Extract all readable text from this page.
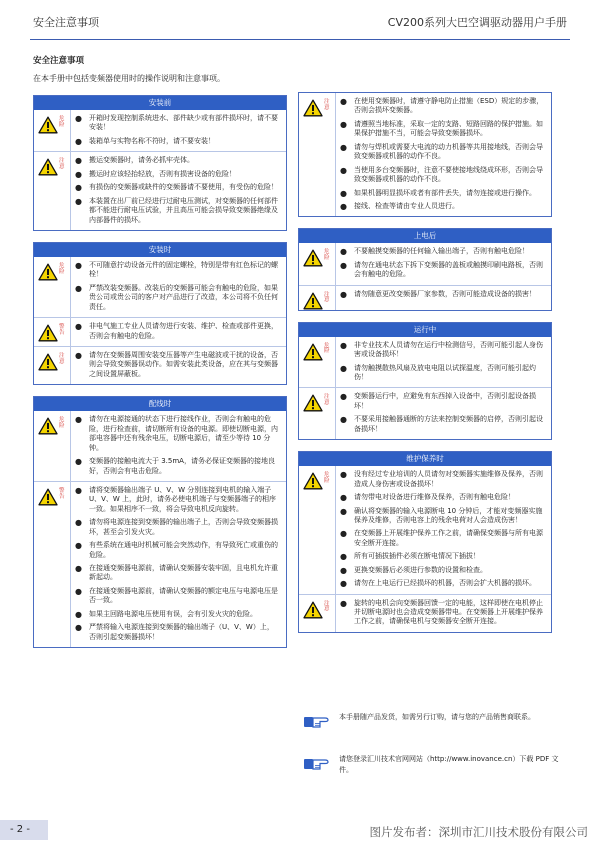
安全注意事项	CV200系列大巴空调驱动器用户手册
安全注意事项
在本手册中包括变频器使用时的操作说明和注意事项。
安装前
危险
●	开箱时发现控制系统进水、部件缺少或有部件损坏时，请不要安装！
●	装箱单与实物名称不符时，请不要安装！
注意
●	搬运变频器时，请务必抓牢壳体。
●	搬运时应该轻抬轻放，否则有损害设备的危险！
●	有损伤的变频器或缺件的变频器请不要使用，有受伤的危险！
●	本装置在出厂前已经进行过耐电压测试，对变频器的任何部件都不能进行耐电压试验，并且高压可能会损导致变频器绝缘及内部器件的损坏。
安装时
危险
●	不可随意拧动设备元件的固定螺栓，特别是带有红色标记的螺栓！
●	严禁改装变频器。改装后的变频器可能会有触电的危险，如果贵公司或贵公司的客户对产品进行了改造，本公司将不负任何责任。
警告
●	非电气施工专业人员请勿进行安装、维护、检查或部件更换，否则会有触电的危险。
注意
●	请勿在变频器周围安装变压器等产生电磁波或干扰的设备，否则会导致变频器误动作。如需安装此类设备，应在其与变频器之间设置屏蔽板。
配线时
危险
●	请勿在电源接通的状态下进行接线作业，否则会有触电的危险，进行检查前，请切断所有设备的电源。即使切断电源，内部电容器中还有残余电压，切断电源后，请至少等待 10 分钟。
●	变频器的接触电流大于 3.5mA，请务必保证变频器的接地良好，否则会有电击危险。
警告
●	请将变频器输出端子 U、V、W 分别连接到电机的输入端子 U、V、W 上，此时，请务必使电机端子与变频器端子的相序一致。如果相序不一致，将会导致电机反向旋转。
●	请勿将电源连接到变频器的输出端子上，否则会导致变频器损坏，甚至会引发火灾。
●	有些系统在通电时机械可能会突然动作，有导致死亡或重伤的危险。
●	在接通变频器电源前，请确认变频器安装牢固，且电机允许重新起动。
●	在接通变频器电源前，请确认变频器的额定电压与电源电压是否一致。
●	如果主回路电源电压使用有误，会有引发火灾的危险。
●	严禁将输入电源连接到变频器的输出端子（U、V、W）上，否则引起变频器损坏！
注意
●	在使用变频器时，请遵守静电防止措施（ESD）规定的步骤，否则会损坏变频器。
●	请遵照当地标准，采取一定的支路、短路回路的保护措施。如果保护措施不当，可能会导致变频器损坏。
●	请勿与焊机或需要大电流的动力机器等共用接地线，否则会导致变频器或机器的动作不良。
●	当使用多台变频器时，注意不要使接地线绕成环形，否则会导致变频器或机器的动作不良。
●	如果机器明显损坏或者有部件丢失，请勿连接或进行操作。
●	接线、检查等请由专业人员进行。
上电后
危险
●	不要触摸变频器的任何输入输出端子，否则有触电危险！
●	请勿在通电状态下拆下变频器的盖板或触摸印刷电路板，否则会有触电的危险。
注意
●	请勿随意更改变频器厂家参数，否则可能造成设备的损害！
运行中
危险
●	非专业技术人员请勿在运行中检测信号，否则可能引起人身伤害或设备损坏！
●	请勿触摸散热风扇及放电电阻以试探温度，否则可能引起灼伤！
注意
●	变频器运行中，应避免有东西掉入设备中，否则引起设备损坏！
●	不要采用接触器通断的方法来控制变频器的启停，否则引起设备损坏！
维护保养时
危险
●	没有经过专业培训的人员请勿对变频器实施维修及保养，否则造成人身伤害或设备损坏！
●	请勿带电对设备进行维修及保养，否则有触电危险！
●	确认将变频器的输入电源断电 10 分钟后，才能对变频器实施保养及维修，否则电容上的残余电荷对人会造成伤害！
●	在变频器上开展维护保养工作之前，请确保变频器与所有电源安全断开连接。
●	所有可插拔插件必须在断电情况下插拔！
●	更换变频器后必须进行参数的设置和检查。
●	请勿在上电运行已经损坏的机器，否则会扩大机器的损坏。
注意
●	旋转的电机会向变频器回馈一定的电能，这样即使在电机停止并切断电源时也会造成变频器带电。在变频器上开展维护保养工作之前，请确保电机与变频器安全断开连接。
本手册随产品发货，如需另行订购，请与您的产品销售商联系。
请您登录汇川技术官网网站（http://www.inovance.cn）下载 PDF 文件。
- 2 -	图片发布者：深圳市汇川技术股份有限公司
